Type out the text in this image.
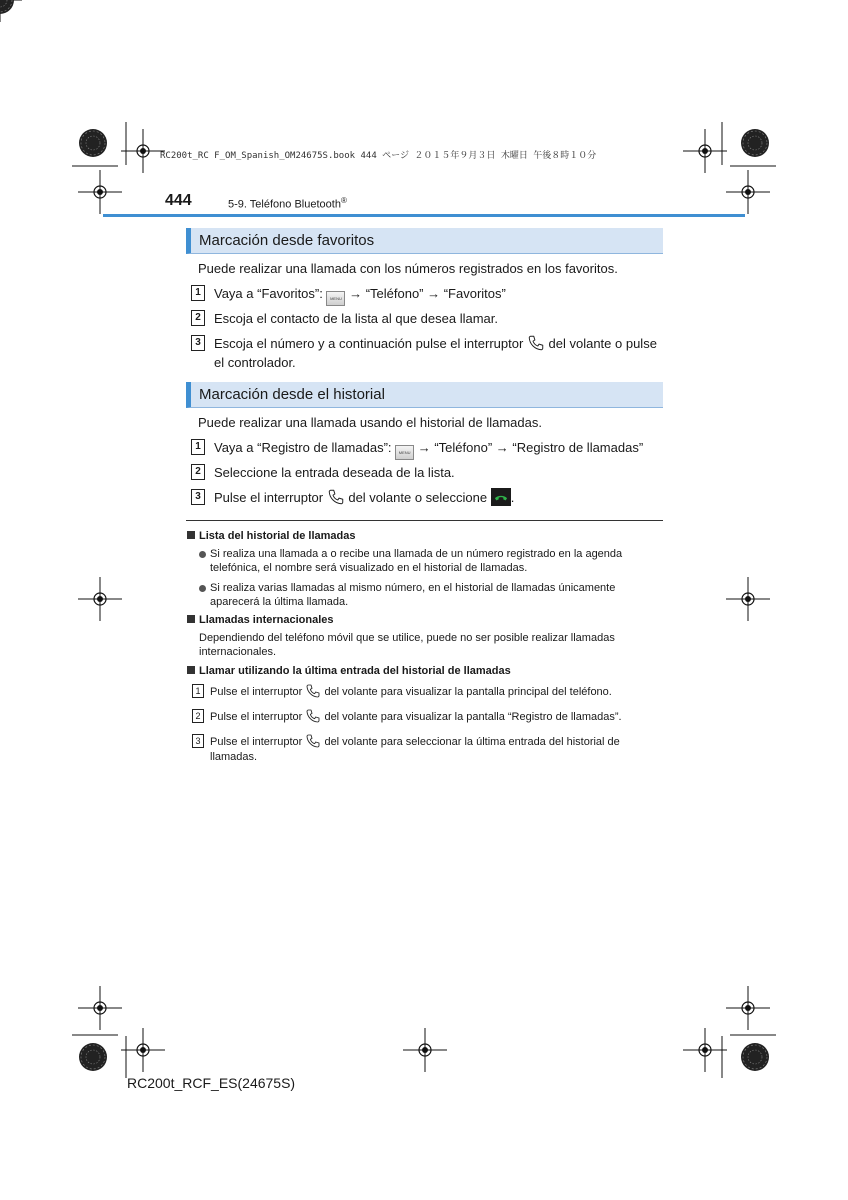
RC200t_RC F_OM_Spanish_OM24675S.book 444 ページ ２０１５年９月３日 木曜日 午後８時１０分
444	5-9. Teléfono Bluetooth®
Marcación desde favoritos
Puede realizar una llamada con los números registrados en los favoritos.
1	Vaya a “Favoritos”: MENU → “Teléfono” → “Favoritos”
2	Escoja el contacto de la lista al que desea llamar.
3	Escoja el número y a continuación pulse el interruptor  del volante o pulse el controlador.
Marcación desde el historial
Puede realizar una llamada usando el historial de llamadas.
1	Vaya a “Registro de llamadas”: MENU → “Teléfono” → “Registro de llamadas”
2	Seleccione la entrada deseada de la lista.
3	Pulse el interruptor  del volante o seleccione
.
Lista del historial de llamadas
Si realiza una llamada a o recibe una llamada de un número registrado en la agenda telefónica, el nombre será visualizado en el historial de llamadas.
Si realiza varias llamadas al mismo número, en el historial de llamadas únicamente aparecerá la última llamada.
Llamadas internacionales
Dependiendo del teléfono móvil que se utilice, puede no ser posible realizar llamadas internacionales.
Llamar utilizando la última entrada del historial de llamadas
1 Pulse el interruptor  del volante para visualizar la pantalla principal del teléfono.
2 Pulse el interruptor  del volante para visualizar la pantalla “Registro de llamadas”.
3 Pulse el interruptor  del volante para seleccionar la última entrada del historial de llamadas.
RC200t_RCF_ES(24675S)
